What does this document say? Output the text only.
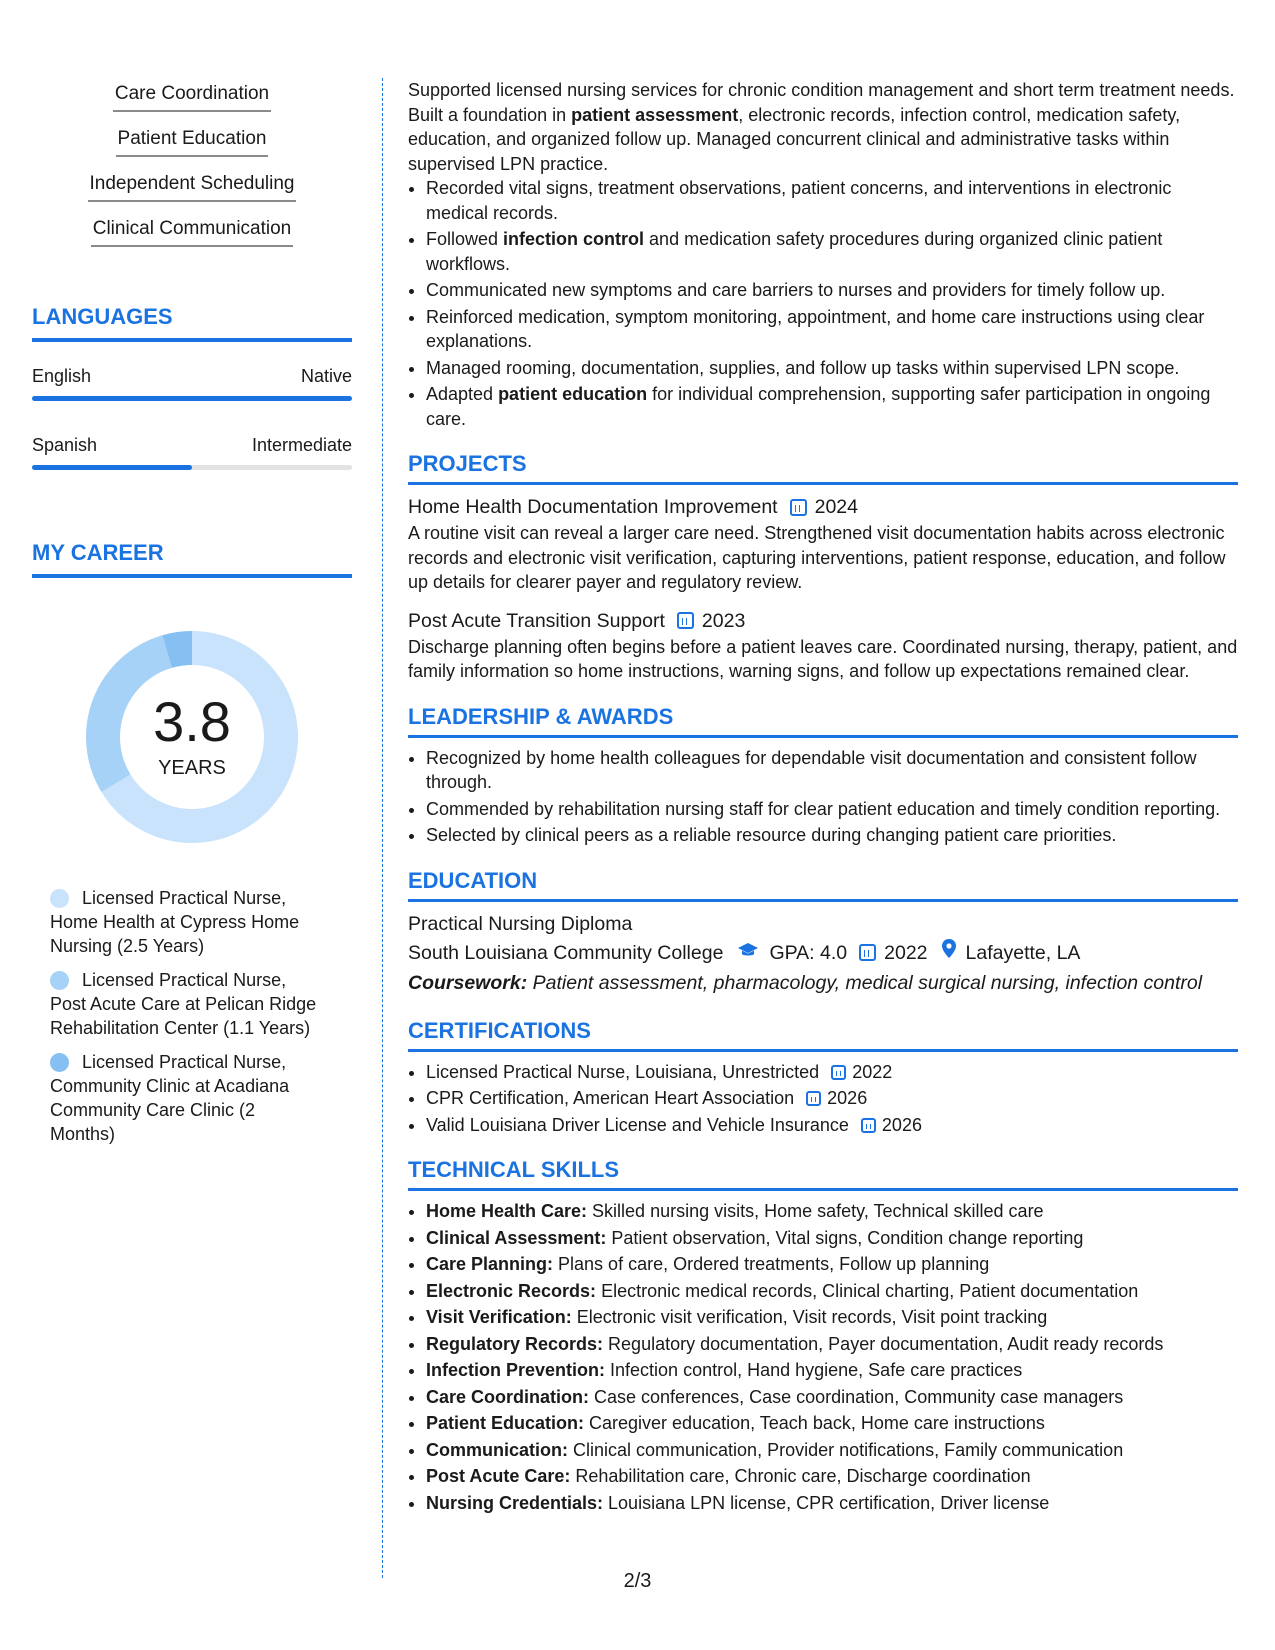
Care Coordination
Patient Education
Independent Scheduling
Clinical Communication
LANGUAGES
English	Native
Spanish	Intermediate
MY CAREER
3.8
YEARS
Licensed Practical Nurse, Home Health at Cypress Home Nursing (2.5 Years)
Licensed Practical Nurse, Post Acute Care at Pelican Ridge Rehabilitation Center (1.1 Years)
Licensed Practical Nurse, Community Clinic at Acadiana Community Care Clinic (2 Months)

Supported licensed nursing services for chronic condition management and short term treatment needs. Built a foundation in patient assessment, electronic records, infection control, medication safety, education, and organized follow up. Managed concurrent clinical and administrative tasks within supervised LPN practice.

• Recorded vital signs, treatment observations, patient concerns, and interventions in electronic medical records.
• Followed infection control and medication safety procedures during organized clinic patient workflows.
• Communicated new symptoms and care barriers to nurses and providers for timely follow up.
• Reinforced medication, symptom monitoring, appointment, and home care instructions using clear explanations.
• Managed rooming, documentation, supplies, and follow up tasks within supervised LPN scope.
• Adapted patient education for individual comprehension, supporting safer participation in ongoing care.
PROJECTS
Home Health Documentation Improvement 2024

A routine visit can reveal a larger care need. Strengthened visit documentation habits across electronic records and electronic visit verification, capturing interventions, patient response, education, and follow up details for clearer payer and regulatory review.

Post Acute Transition Support 2023

Discharge planning often begins before a patient leaves care. Coordinated nursing, therapy, patient, and family information so home instructions, warning signs, and follow up expectations remained clear.

LEADERSHIP & AWARDS
• Recognized by home health colleagues for dependable visit documentation and consistent follow through.
• Commended by rehabilitation nursing staff for clear patient education and timely condition reporting.
• Selected by clinical peers as a reliable resource during changing patient care priorities.
EDUCATION
Practical Nursing Diploma
South Louisiana Community College GPA: 4.0 2022 Lafayette, LA
Coursework: Patient assessment, pharmacology, medical surgical nursing, infection control
CERTIFICATIONS
• Licensed Practical Nurse, Louisiana, Unrestricted 2022
• CPR Certification, American Heart Association 2026
• Valid Louisiana Driver License and Vehicle Insurance 2026
TECHNICAL SKILLS
• Home Health Care: Skilled nursing visits, Home safety, Technical skilled care
• Clinical Assessment: Patient observation, Vital signs, Condition change reporting
• Care Planning: Plans of care, Ordered treatments, Follow up planning
• Electronic Records: Electronic medical records, Clinical charting, Patient documentation
• Visit Verification: Electronic visit verification, Visit records, Visit point tracking
• Regulatory Records: Regulatory documentation, Payer documentation, Audit ready records
• Infection Prevention: Infection control, Hand hygiene, Safe care practices
• Care Coordination: Case conferences, Case coordination, Community case managers
• Patient Education: Caregiver education, Teach back, Home care instructions
• Communication: Clinical communication, Provider notifications, Family communication
• Post Acute Care: Rehabilitation care, Chronic care, Discharge coordination
• Nursing Credentials: Louisiana LPN license, CPR certification, Driver license
2/3
